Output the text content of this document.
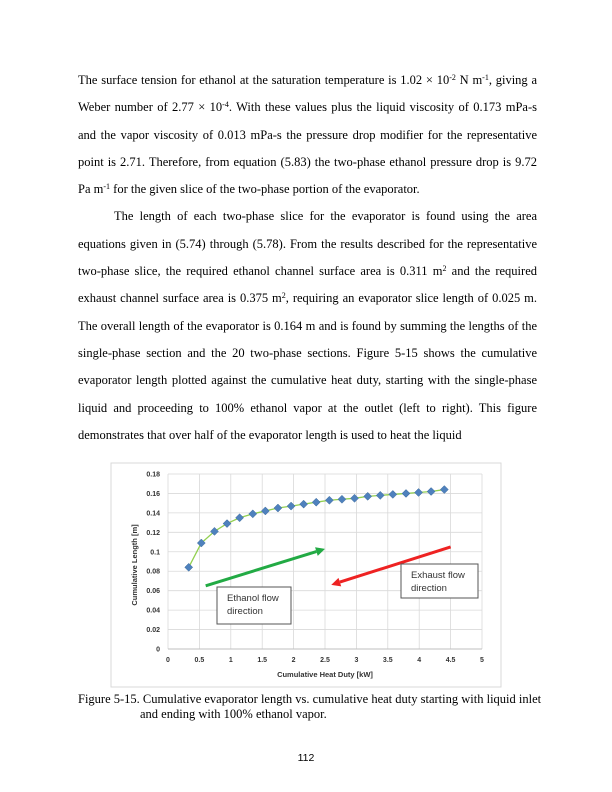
The surface tension for ethanol at the saturation temperature is $1.02 \times 10^{-2}$ N $m^{-1}$, giving a Weber number of $2.77 \times 10^{-4}$. With these values plus the liquid viscosity of 0.173 mPa-s and the vapor viscosity of 0.013 mPa-s the pressure drop modifier for the representative point is 2.71. Therefore, from equation (5.83) the two-phase ethanol pressure drop is 9.72 Pa $m^{-1}$ for the given slice of the two-phase portion of the evaporator.

The length of each two-phase slice for the evaporator is found using the area equations given in (5.74) through (5.78). From the results described for the representative two-phase slice, the required ethanol channel surface area is 0.311 $m^2$ and the required exhaust channel surface area is 0.375 $m^2$, requiring an evaporator slice length of 0.025 m. The overall length of the evaporator is 0.164 m and is found by summing the lengths of the single-phase section and the 20 two-phase sections. Figure 5-15 shows the cumulative evaporator length plotted against the cumulative heat duty, starting with the single-phase liquid and proceeding to 100% ethanol vapor at the outlet (left to right). This figure demonstrates that over half of the evaporator length is used to heat the liquid

0	0.5	1	1.5	2	2.5	3	3.5	4	4.5	5
0
0.02
0.04
0.06
0.08
0.1
0.12
0.14
0.16
0.18
Ethanol flow
direction
Exhaust flow
direction
Cumulative Heat Duty [kW]
Cumulative Length [m]
Figure 5-15. Cumulative evaporator length vs. cumulative heat duty starting with liquid inlet
and ending with 100% ethanol vapor.
112
